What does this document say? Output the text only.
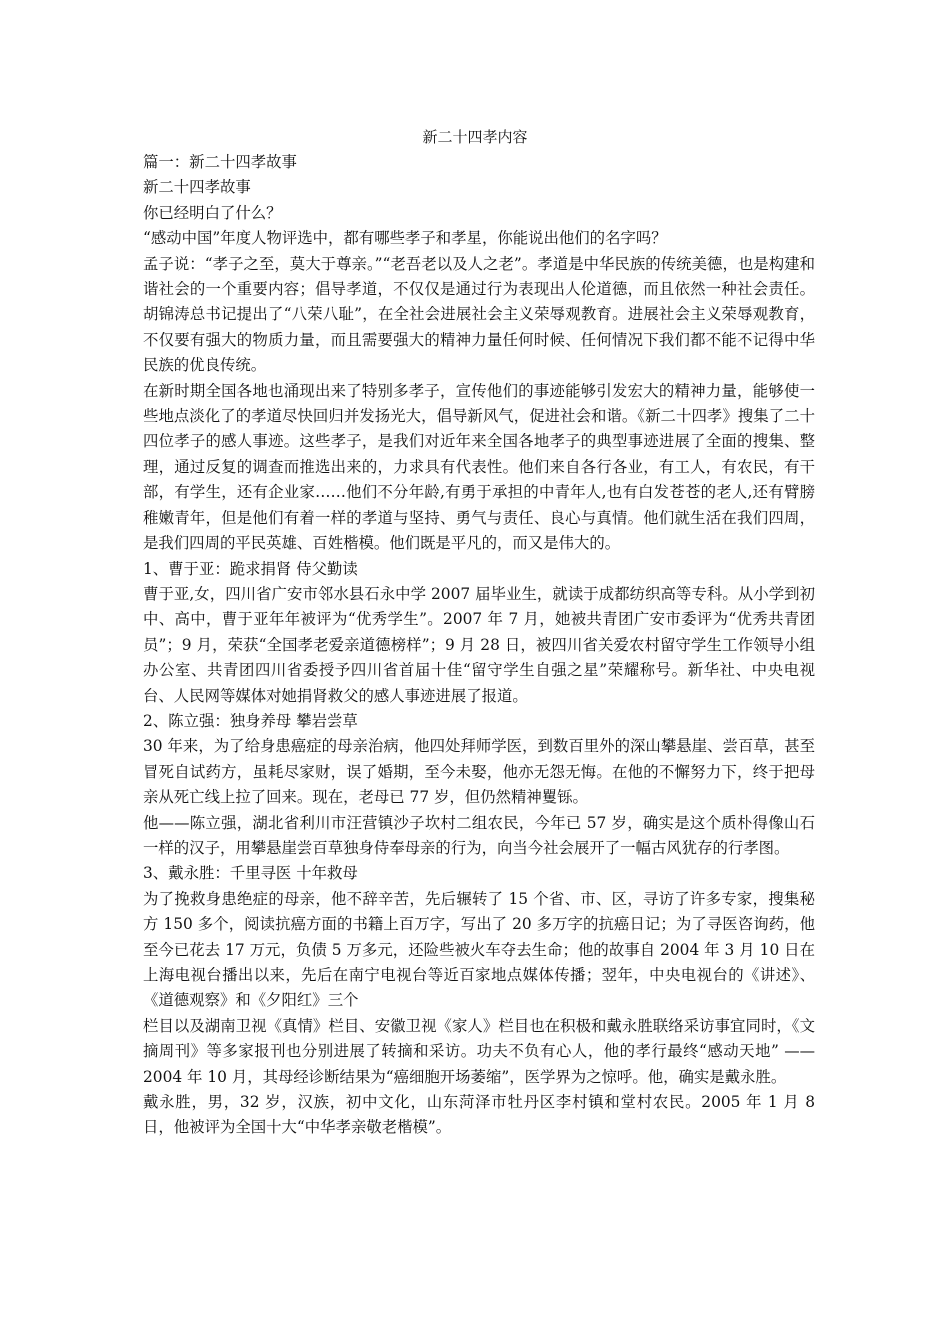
新二十四孝内容

篇一：新二十四孝故事

新二十四孝故事

你已经明白了什么？

“感动中国”年度人物评选中，都有哪些孝子和孝星，你能说出他们的名字吗？

孟子说：“孝子之至，莫大于尊亲。”“老吾老以及人之老”。孝道是中华民族的传统美德，也是构建和谐社会的一个重要内容；倡导孝道，不仅仅是通过行为表现出人伦道德，而且依然一种社会责任。胡锦涛总书记提出了“八荣八耻”，在全社会进展社会主义荣辱观教育。进展社会主义荣辱观教育，不仅要有强大的物质力量，而且需要强大的精神力量任何时候、任何情况下我们都不能不记得中华民族的优良传统。

在新时期全国各地也涌现出来了特别多孝子，宣传他们的事迹能够引发宏大的精神力量，能够使一些地点淡化了的孝道尽快回归并发扬光大，倡导新风气，促进社会和谐。《新二十四孝》搜集了二十四位孝子的感人事迹。这些孝子，是我们对近年来全国各地孝子的典型事迹进展了全面的搜集、整理，通过反复的调查而推选出来的，力求具有代表性。他们来自各行各业，有工人，有农民，有干部，有学生，还有企业家……他们不分年龄,有勇于承担的中青年人,也有白发苍苍的老人,还有臂膀稚嫩青年，但是他们有着一样的孝道与坚持、勇气与责任、良心与真情。他们就生活在我们四周，是我们四周的平民英雄、百姓楷模。他们既是平凡的，而又是伟大的。

1、曹于亚：跪求捐肾 侍父勤读

曹于亚,女，四川省广安市邻水县石永中学 2007 届毕业生，就读于成都纺织高等专科。从小学到初中、高中，曹于亚年年被评为“优秀学生”。2007 年 7 月，她被共青团广安市委评为“优秀共青团员”；9 月，荣获“全国孝老爱亲道德榜样”；9 月 28 日，被四川省关爱农村留守学生工作领导小组办公室、共青团四川省委授予四川省首届十佳“留守学生自强之星”荣耀称号。新华社、中央电视台、人民网等媒体对她捐肾救父的感人事迹进展了报道。

2、陈立强：独身养母 攀岩尝草

30 年来，为了给身患癌症的母亲治病，他四处拜师学医，到数百里外的深山攀悬崖、尝百草，甚至冒死自试药方，虽耗尽家财，误了婚期，至今未娶，他亦无怨无悔。在他的不懈努力下，终于把母亲从死亡线上拉了回来。现在，老母已 77 岁，但仍然精神矍铄。

他——陈立强，湖北省利川市汪营镇沙子坎村二组农民，今年已 57 岁，确实是这个质朴得像山石一样的汉子，用攀悬崖尝百草独身侍奉母亲的行为，向当今社会展开了一幅古风犹存的行孝图。

3、戴永胜：千里寻医 十年救母

为了挽救身患绝症的母亲，他不辞辛苦，先后辗转了 15 个省、市、区，寻访了许多专家，搜集秘方 150 多个，阅读抗癌方面的书籍上百万字，写出了 20 多万字的抗癌日记；为了寻医咨询药，他至今已花去 17 万元，负债 5 万多元，还险些被火车夺去生命；他的故事自 2004 年 3 月 10 日在上海电视台播出以来，先后在南宁电视台等近百家地点媒体传播；翌年，中央电视台的《讲述》、《道德观察》和《夕阳红》三个

栏目以及湖南卫视《真情》栏目、安徽卫视《家人》栏目也在积极和戴永胜联络采访事宜同时，《文摘周刊》等多家报刊也分别进展了转摘和采访。功夫不负有心人，他的孝行最终“感动天地” ——2004 年 10 月，其母经诊断结果为“癌细胞开场萎缩”，医学界为之惊呼。他，确实是戴永胜。

戴永胜，男，32 岁，汉族，初中文化，山东菏泽市牡丹区李村镇和堂村农民。2005 年 1 月 8 日，他被评为全国十大“中华孝亲敬老楷模”。
